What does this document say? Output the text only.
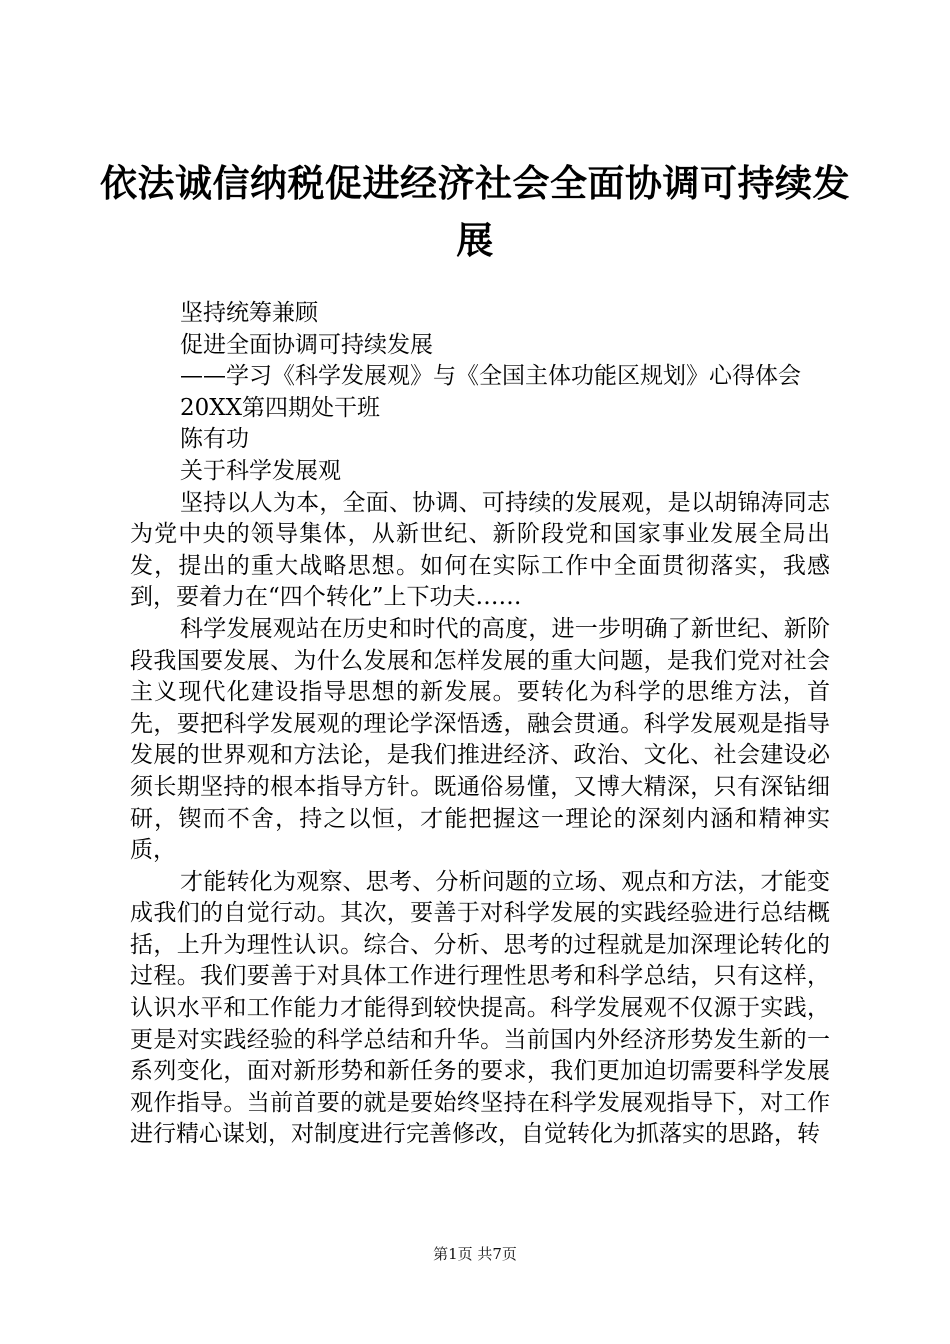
依法诚信纳税促进经济社会全面协调可持续发展

坚持统筹兼顾

促进全面协调可持续发展

——学习《科学发展观》与《全国主体功能区规划》心得体会

20XX第四期处干班

陈有功

关于科学发展观

坚持以人为本，全面、协调、可持续的发展观，是以胡锦涛同志为党中央的领导集体，从新世纪、新阶段党和国家事业发展全局出发，提出的重大战略思想。如何在实际工作中全面贯彻落实，我感到，要着力在“四个转化”上下功夫……

科学发展观站在历史和时代的高度，进一步明确了新世纪、新阶段我国要发展、为什么发展和怎样发展的重大问题，是我们党对社会主义现代化建设指导思想的新发展。要转化为科学的思维方法，首先，要把科学发展观的理论学深悟透，融会贯通。科学发展观是指导发展的世界观和方法论，是我们推进经济、政治、文化、社会建设必须长期坚持的根本指导方针。既通俗易懂，又博大精深，只有深钻细研，锲而不舍，持之以恒，才能把握这一理论的深刻内涵和精神实质，

才能转化为观察、思考、分析问题的立场、观点和方法，才能变成我们的自觉行动。其次，要善于对科学发展的实践经验进行总结概括，上升为理性认识。综合、分析、思考的过程就是加深理论转化的过程。我们要善于对具体工作进行理性思考和科学总结，只有这样，认识水平和工作能力才能得到较快提高。科学发展观不仅源于实践，更是对实践经验的科学总结和升华。当前国内外经济形势发生新的一系列变化，面对新形势和新任务的要求，我们更加迫切需要科学发展观作指导。当前首要的就是要始终坚持在科学发展观指导下，对工作进行精心谋划，对制度进行完善修改，自觉转化为抓落实的思路，转

第1页 共7页
